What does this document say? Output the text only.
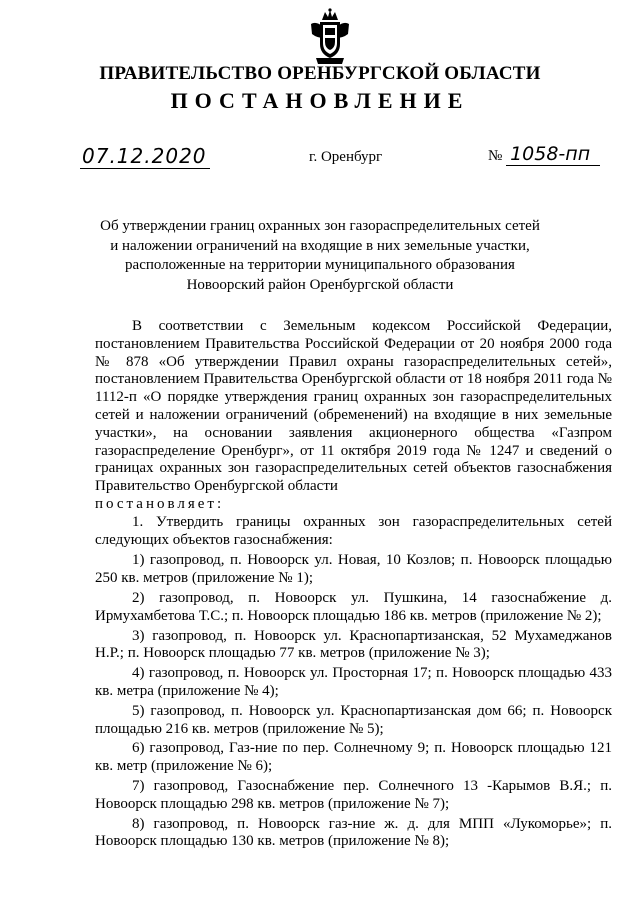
ПРАВИТЕЛЬСТВО ОРЕНБУРГСКОЙ ОБЛАСТИ
ПОСТАНОВЛЕНИЕ
07.12.2020	г. Оренбург	№ 1058-пп
Об утверждении границ охранных зон газораспределительных сетей
и наложении ограничений на входящие в них земельные участки,
расположенные на территории муниципального образования
Новоорский район Оренбургской области

В соответствии с Земельным кодексом Российской Федерации, постановлением Правительства Российской Федерации от 20 ноября 2000 года № 878 «Об утверждении Правил охраны газораспределительных сетей», постановлением Правительства Оренбургской области от 18 ноября 2011 года № 1112-п «О порядке утверждения границ охранных зон газораспределительных сетей и наложении ограничений (обременений) на входящие в них земельные участки», на основании заявления акционерного общества «Газпром газораспределение Оренбург», от 11 октября 2019 года № 1247 и сведений о границах охранных зон газораспределительных сетей объектов газоснабжения Правительство Оренбургской области

постановляет:

1. Утвердить границы охранных зон газораспределительных сетей следующих объектов газоснабжения:

1) газопровод, п. Новоорск ул. Новая, 10 Козлов; п. Новоорск площадью 250 кв. метров (приложение № 1);

2) газопровод, п. Новоорск ул. Пушкина, 14 газоснабжение д. Ирмухамбетова Т.С.; п. Новоорск площадью 186 кв. метров (приложение № 2);

3) газопровод, п. Новоорск ул. Краснопартизанская, 52 Мухамеджанов Н.Р.; п. Новоорск площадью 77 кв. метров (приложение № 3);

4) газопровод, п. Новоорск ул. Просторная 17; п. Новоорск площадью 433 кв. метра (приложение № 4);

5) газопровод, п. Новоорск ул. Краснопартизанская дом 66; п. Новоорск площадью 216 кв. метров (приложение № 5);

6) газопровод, Газ-ние по пер. Солнечному 9; п. Новоорск площадью 121 кв. метр (приложение № 6);

7) газопровод, Газоснабжение пер. Солнечного 13 -Карымов В.Я.; п. Новоорск площадью 298 кв. метров (приложение № 7);

8) газопровод, п. Новоорск газ-ние ж. д. для МПП «Лукоморье»; п. Новоорск площадью 130 кв. метров (приложение № 8);
